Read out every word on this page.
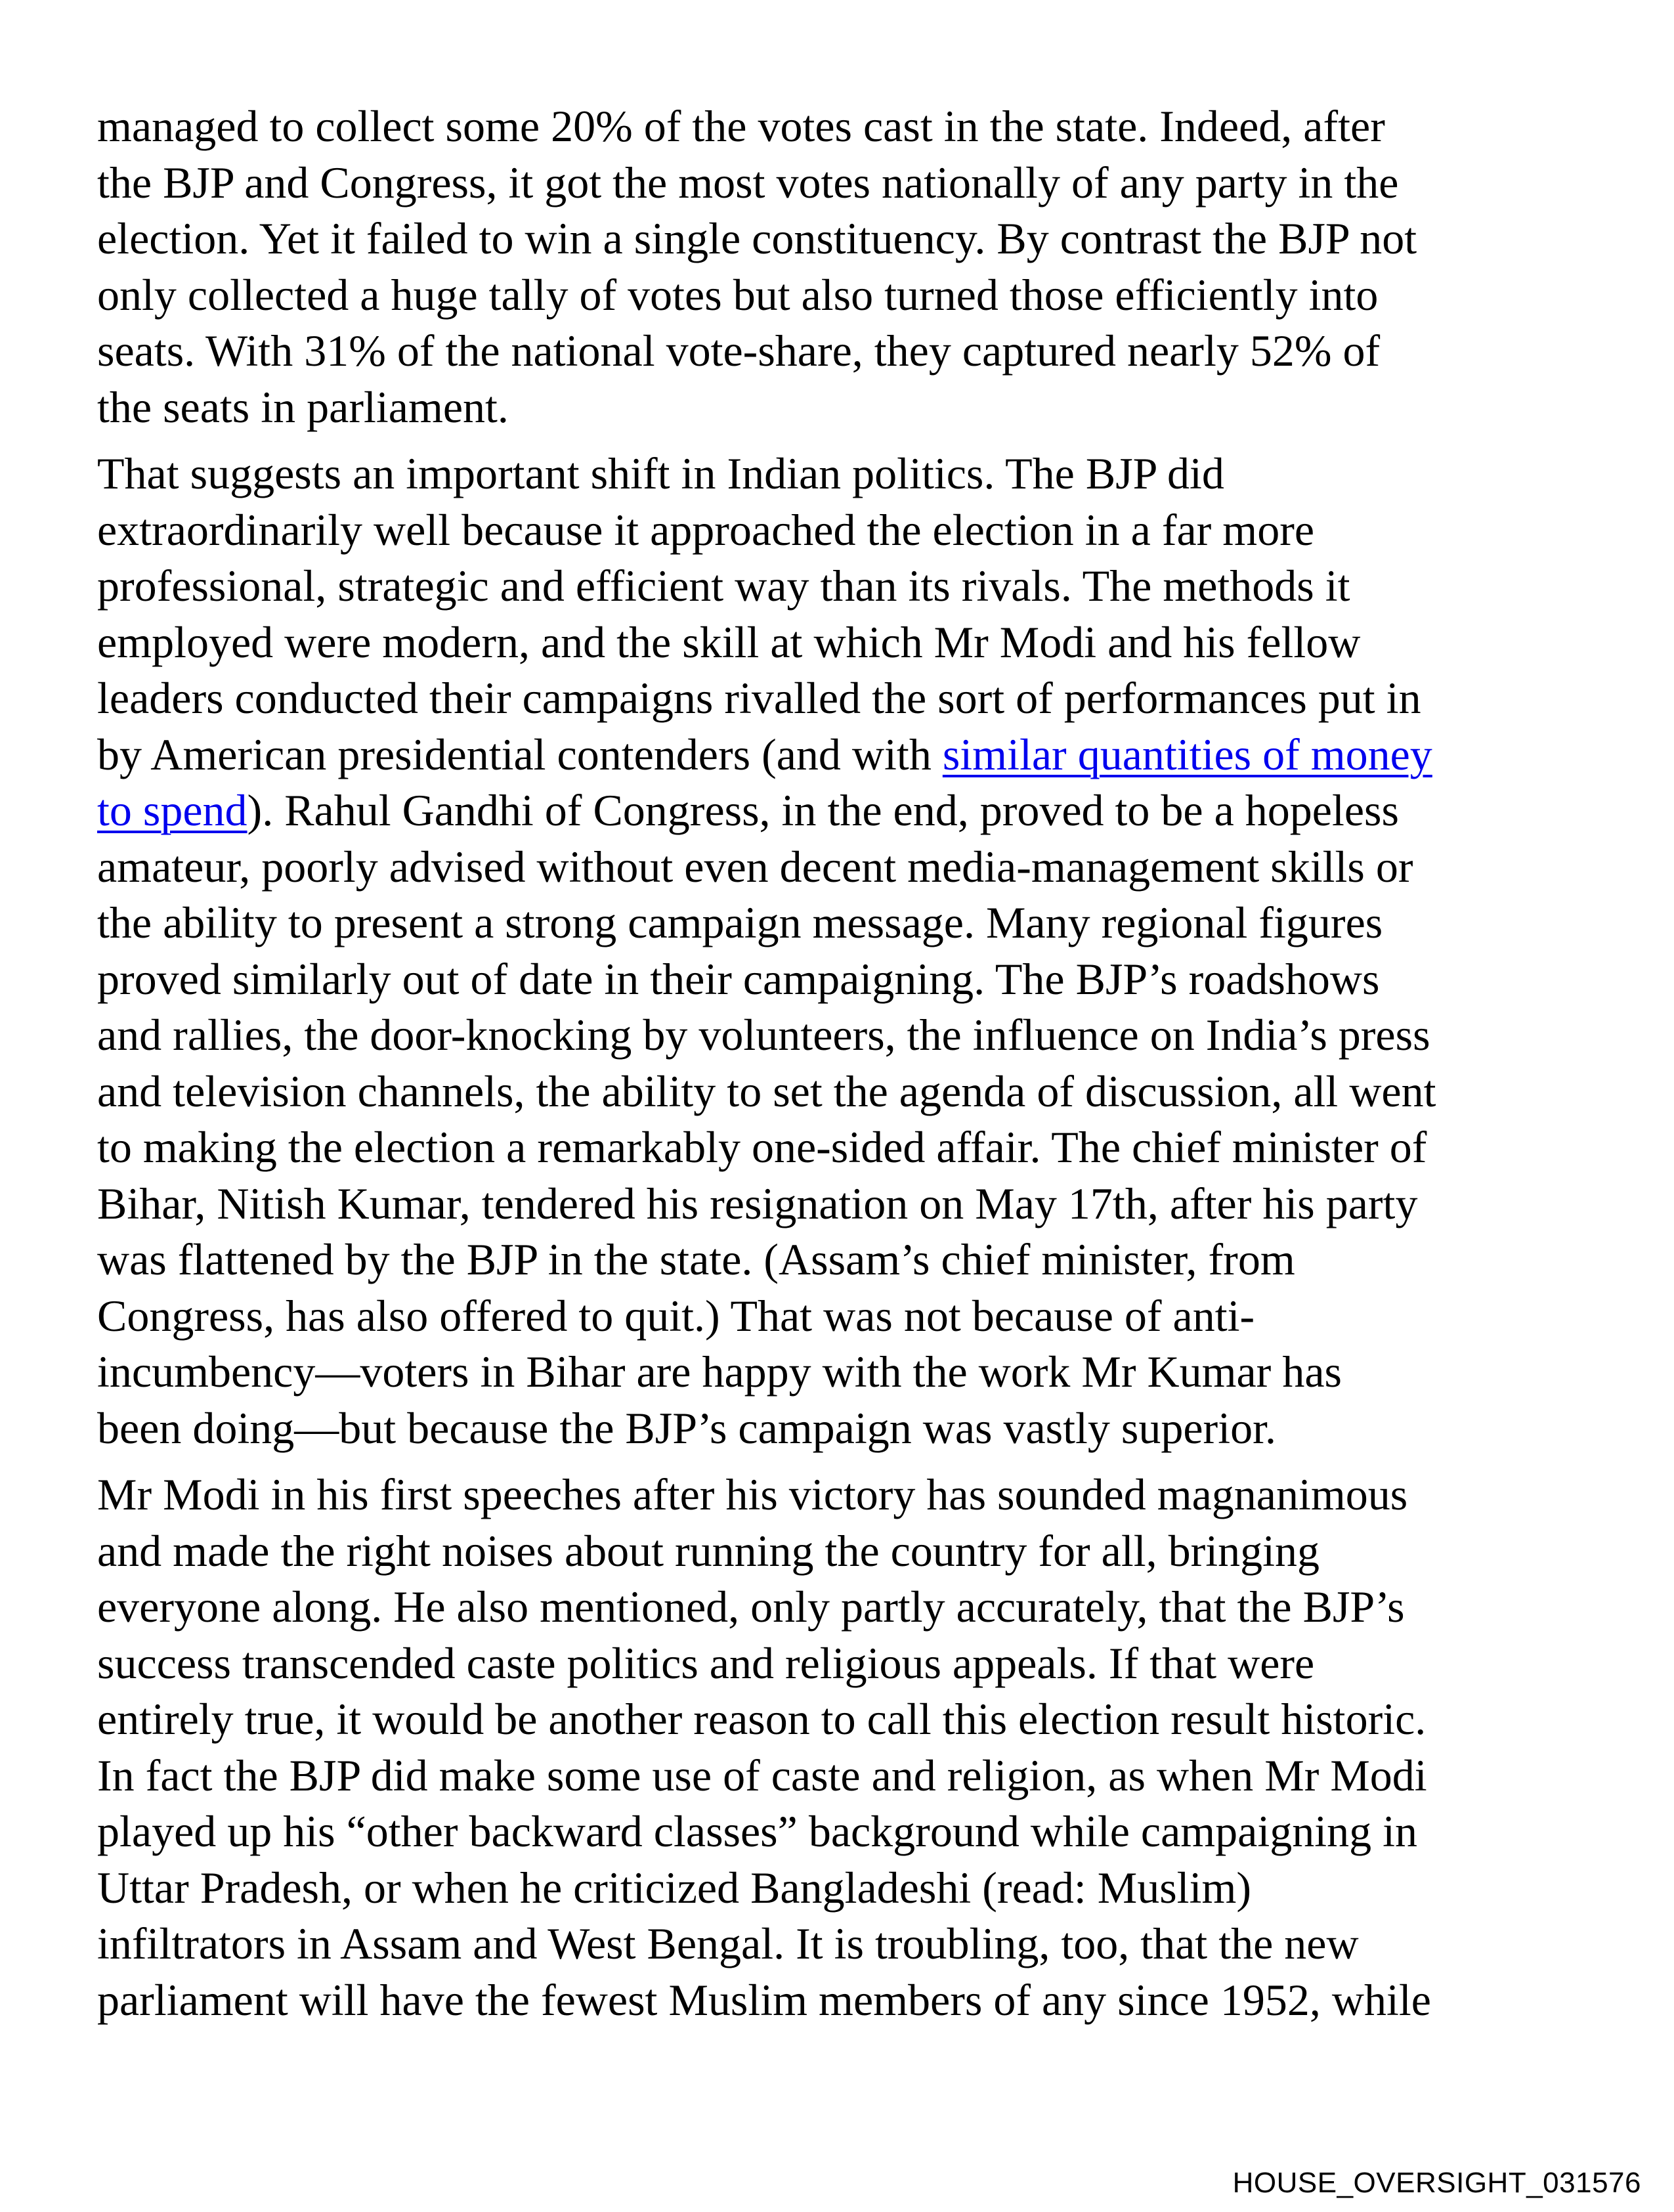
managed to collect some 20% of the votes cast in the state. Indeed, after
the BJP and Congress, it got the most votes nationally of any party in the
election. Yet it failed to win a single constituency. By contrast the BJP not
only collected a huge tally of votes but also turned those efficiently into
seats. With 31% of the national vote-share, they captured nearly 52% of
the seats in parliament.

That suggests an important shift in Indian politics. The BJP did
extraordinarily well because it approached the election in a far more
professional, strategic and efficient way than its rivals. The methods it
employed were modern, and the skill at which Mr Modi and his fellow
leaders conducted their campaigns rivalled the sort of performances put in
by American presidential contenders (and with similar quantities of money
to spend). Rahul Gandhi of Congress, in the end, proved to be a hopeless
amateur, poorly advised without even decent media-management skills or
the ability to present a strong campaign message. Many regional figures
proved similarly out of date in their campaigning. The BJP’s roadshows
and rallies, the door-knocking by volunteers, the influence on India’s press
and television channels, the ability to set the agenda of discussion, all went
to making the election a remarkably one-sided affair. The chief minister of
Bihar, Nitish Kumar, tendered his resignation on May 17th, after his party
was flattened by the BJP in the state. (Assam’s chief minister, from
Congress, has also offered to quit.) That was not because of anti-
incumbency—voters in Bihar are happy with the work Mr Kumar has
been doing—but because the BJP’s campaign was vastly superior.

Mr Modi in his first speeches after his victory has sounded magnanimous
and made the right noises about running the country for all, bringing
everyone along. He also mentioned, only partly accurately, that the BJP’s
success transcended caste politics and religious appeals. If that were
entirely true, it would be another reason to call this election result historic.
In fact the BJP did make some use of caste and religion, as when Mr Modi
played up his “other backward classes” background while campaigning in
Uttar Pradesh, or when he criticized Bangladeshi (read: Muslim)
infiltrators in Assam and West Bengal. It is troubling, too, that the new
parliament will have the fewest Muslim members of any since 1952, while

HOUSE_OVERSIGHT_031576
